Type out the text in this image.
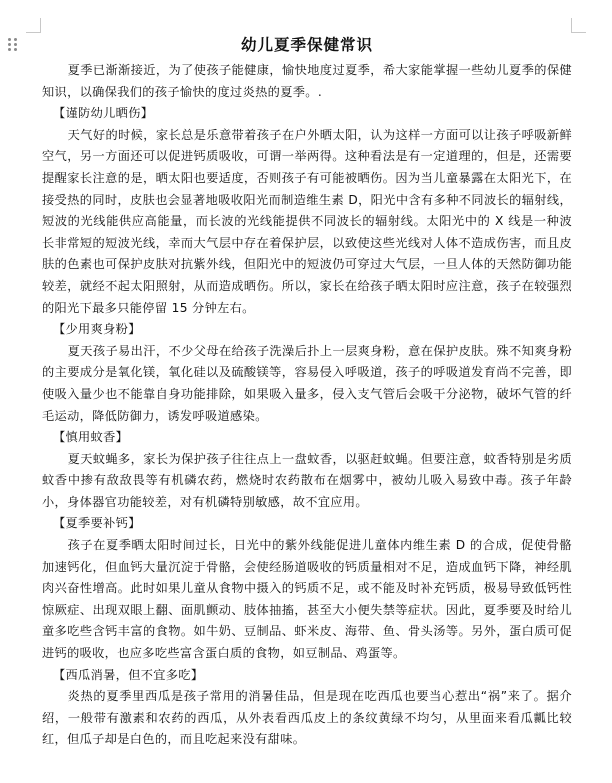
幼儿夏季保健常识

夏季已渐渐接近，为了使孩子能健康，愉快地度过夏季，希大家能掌握一些幼儿夏季的保健知识，以确保我们的孩子愉快的度过炎热的夏季。.

【谨防幼儿晒伤】

天气好的时候，家长总是乐意带着孩子在户外晒太阳，认为这样一方面可以让孩子呼吸新鲜空气，另一方面还可以促进钙质吸收，可谓一举两得。这种看法是有一定道理的，但是，还需要提醒家长注意的是，晒太阳也要适度，否则孩子有可能被晒伤。因为当儿童暴露在太阳光下，在接受热的同时，皮肤也会显著地吸收阳光而制造维生素 D，阳光中含有多种不同波长的辐射线，短波的光线能供应高能量，而长波的光线能提供不同波长的辐射线。太阳光中的 X 线是一种波长非常短的短波光线，幸而大气层中存在着保护层，以致使这些光线对人体不造成伤害，而且皮肤的色素也可保护皮肤对抗紫外线，但阳光中的短波仍可穿过大气层，一旦人体的天然防御功能较差，就经不起太阳照射，从而造成晒伤。所以，家长在给孩子晒太阳时应注意，孩子在较强烈的阳光下最多只能停留 15 分钟左右。

【少用爽身粉】

夏天孩子易出汗，不少父母在给孩子洗澡后扑上一层爽身粉，意在保护皮肤。殊不知爽身粉的主要成分是氧化镁，氧化硅以及硫酸镁等，容易侵入呼吸道，孩子的呼吸道发育尚不完善，即使吸入量少也不能靠自身功能排除，如果吸入量多，侵入支气管后会吸干分泌物，破坏气管的纤毛运动，降低防御力，诱发呼吸道感染。

【慎用蚊香】

夏天蚊蝇多，家长为保护孩子往往点上一盘蚊香，以驱赶蚊蝇。但要注意，蚊香特别是劣质蚊香中掺有敌敌畏等有机磷农药，燃烧时农药散布在烟雾中，被幼儿吸入易致中毒。孩子年龄小，身体器官功能较差，对有机磷特别敏感，故不宜应用。

【夏季要补钙】

孩子在夏季晒太阳时间过长，日光中的紫外线能促进儿童体内维生素 D 的合成，促使骨骼加速钙化，但血钙大量沉淀于骨骼，会使经肠道吸收的钙质量相对不足，造成血钙下降，神经肌肉兴奋性增高。此时如果儿童从食物中摄入的钙质不足，或不能及时补充钙质，极易导致低钙性惊厥症、出现双眼上翻、面肌颤动、肢体抽搐，甚至大小便失禁等症状。因此，夏季要及时给儿童多吃些含钙丰富的食物。如牛奶、豆制品、虾米皮、海带、鱼、骨头汤等。另外，蛋白质可促进钙的吸收，也应多吃些富含蛋白质的食物，如豆制品、鸡蛋等。

【西瓜消暑，但不宜多吃】

炎热的夏季里西瓜是孩子常用的消暑佳品，但是现在吃西瓜也要当心惹出“祸”来了。据介绍，一般带有激素和农药的西瓜，从外表看西瓜皮上的条纹黄绿不均匀，从里面来看瓜瓤比较红，但瓜子却是白色的，而且吃起来没有甜味。
